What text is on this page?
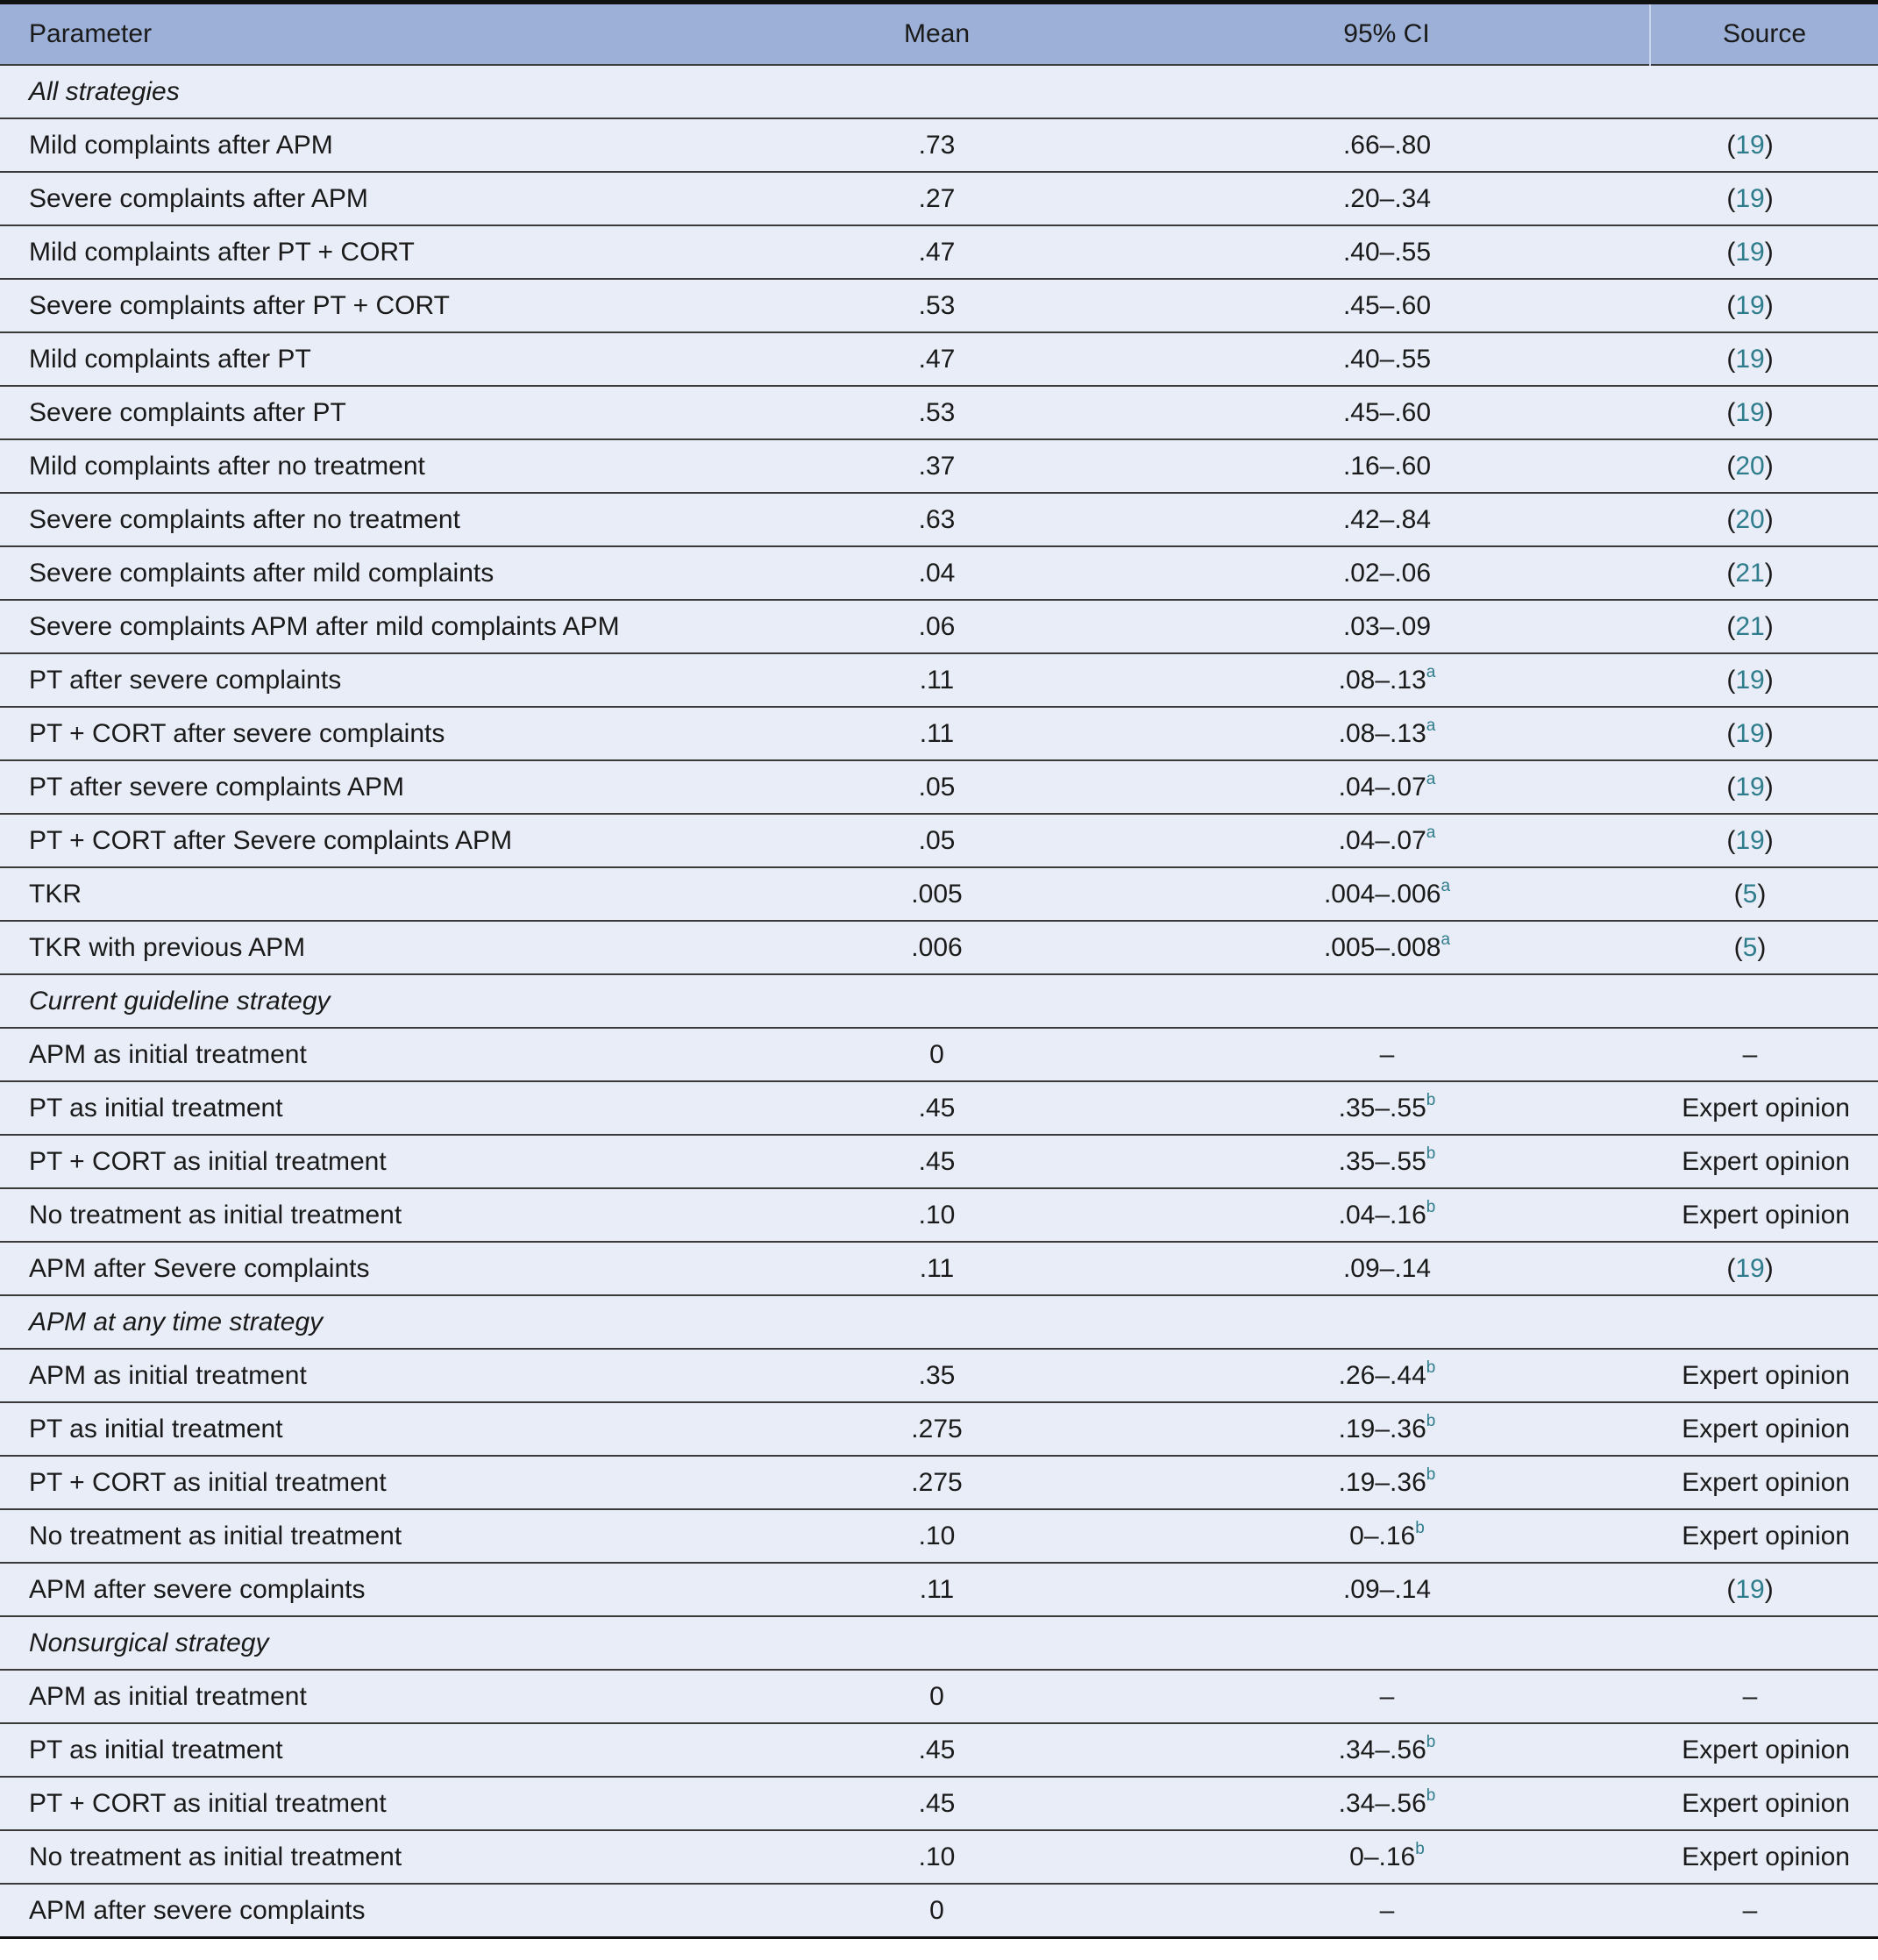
Parameter	Mean	95% CI	Source
All strategies			
Mild complaints after APM	.73	.66–.80	(19)
Severe complaints after APM	.27	.20–.34	(19)
Mild complaints after PT + CORT	.47	.40–.55	(19)
Severe complaints after PT + CORT	.53	.45–.60	(19)
Mild complaints after PT	.47	.40–.55	(19)
Severe complaints after PT	.53	.45–.60	(19)
Mild complaints after no treatment	.37	.16–.60	(20)
Severe complaints after no treatment	.63	.42–.84	(20)
Severe complaints after mild complaints	.04	.02–.06	(21)
Severe complaints APM after mild complaints APM	.06	.03–.09	(21)
PT after severe complaints	.11	.08–.13$^a$	(19)
PT + CORT after severe complaints	.11	.08–.13$^a$	(19)
PT after severe complaints APM	.05	.04–.07$^a$	(19)
PT + CORT after Severe complaints APM	.05	.04–.07$^a$	(19)
TKR	.005	.004–.006$^a$	(5)
TKR with previous APM	.006	.005–.008$^a$	(5)
Current guideline strategy			
APM as initial treatment	0	–	–
PT as initial treatment	.45	.35–.55$^b$	Expert opinion
PT + CORT as initial treatment	.45	.35–.55$^b$	Expert opinion
No treatment as initial treatment	.10	.04–.16$^b$	Expert opinion
APM after Severe complaints	.11	.09–.14	(19)
APM at any time strategy			
APM as initial treatment	.35	.26–.44$^b$	Expert opinion
PT as initial treatment	.275	.19–.36$^b$	Expert opinion
PT + CORT as initial treatment	.275	.19–.36$^b$	Expert opinion
No treatment as initial treatment	.10	0–.16$^b$	Expert opinion
APM after severe complaints	.11	.09–.14	(19)
Nonsurgical strategy			
APM as initial treatment	0	–	–
PT as initial treatment	.45	.34–.56$^b$	Expert opinion
PT + CORT as initial treatment	.45	.34–.56$^b$	Expert opinion
No treatment as initial treatment	.10	0–.16$^b$	Expert opinion
APM after severe complaints	0	–	–
